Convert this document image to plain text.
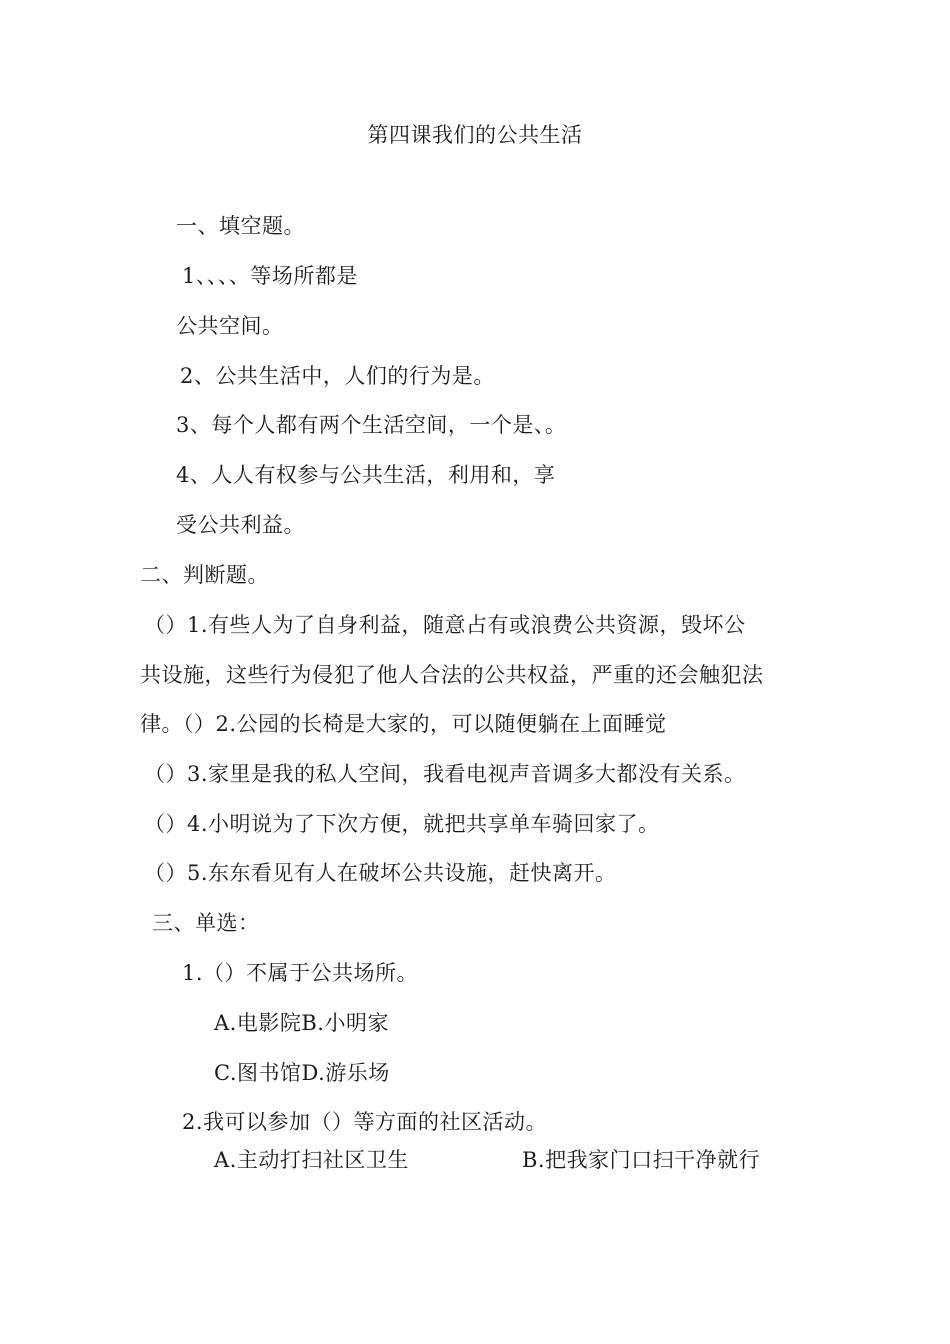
第四课我们的公共生活
一、填空题。
1、、、、等场所都是
公共空间。
2、公共生活中，人们的行为是。
3、每个人都有两个生活空间，一个是、。
4、人人有权参与公共生活，利用和，享
受公共利益。
二、判断题。
（）1.有些人为了自身利益，随意占有或浪费公共资源，毁坏公
共设施，这些行为侵犯了他人合法的公共权益，严重的还会触犯法
律。（）2.公园的长椅是大家的，可以随便躺在上面睡觉
（）3.家里是我的私人空间，我看电视声音调多大都没有关系。
（）4.小明说为了下次方便，就把共享单车骑回家了。
（）5.东东看见有人在破坏公共设施，赶快离开。
三、单选：
1.（）不属于公共场所。
A.电影院B.小明家
C.图书馆D.游乐场
2.我可以参加（）等方面的社区活动。
A.主动打扫社区卫生	B.把我家门口扫干净就行
